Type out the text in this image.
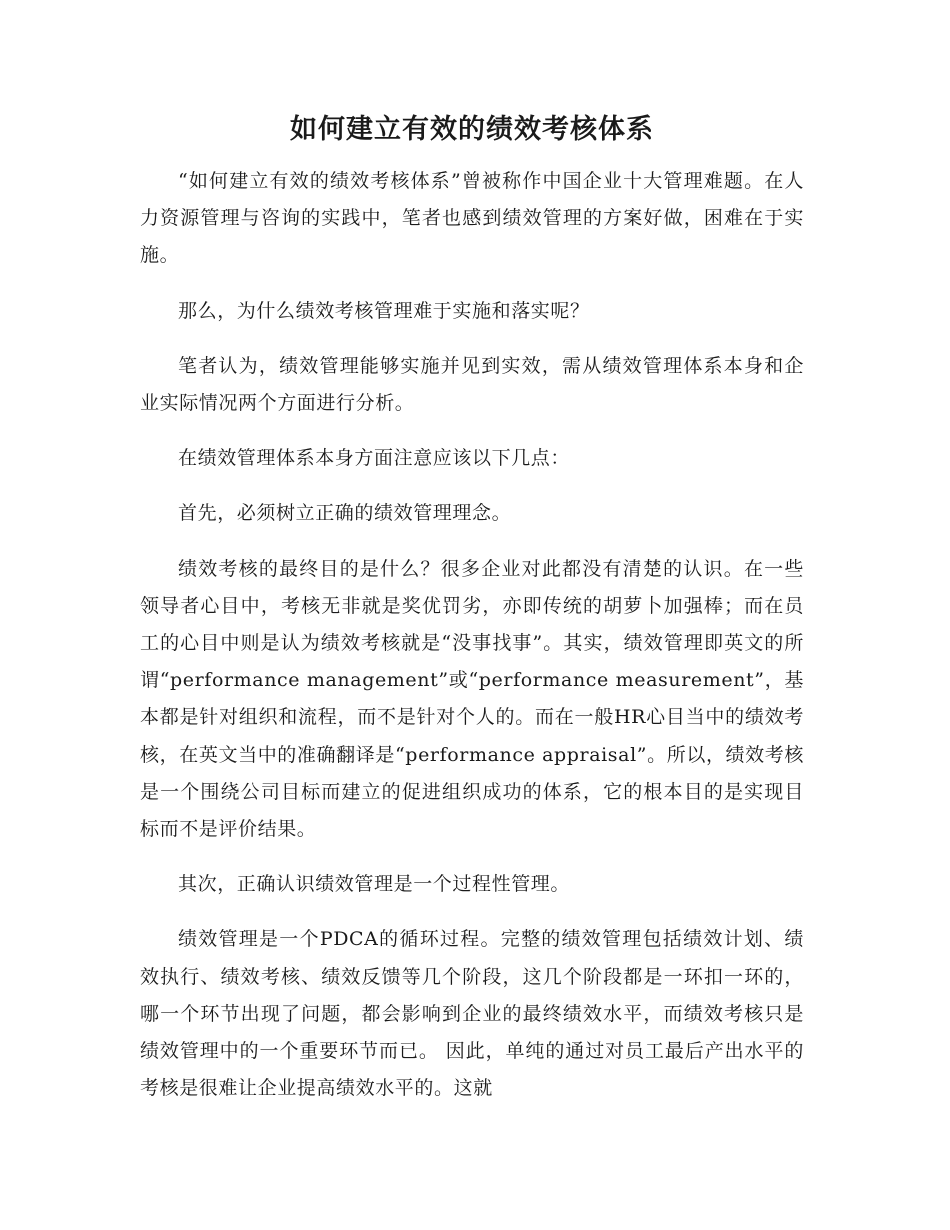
如何建立有效的绩效考核体系

“如何建立有效的绩效考核体系”曾被称作中国企业十大管理难题。在人力资源管理与咨询的实践中，笔者也感到绩效管理的方案好做，困难在于实施。

那么，为什么绩效考核管理难于实施和落实呢？

笔者认为，绩效管理能够实施并见到实效，需从绩效管理体系本身和企业实际情况两个方面进行分析。

在绩效管理体系本身方面注意应该以下几点：

首先，必须树立正确的绩效管理理念。

绩效考核的最终目的是什么？很多企业对此都没有清楚的认识。在一些领导者心目中，考核无非就是奖优罚劣，亦即传统的胡萝卜加强棒；而在员工的心目中则是认为绩效考核就是“没事找事”。其实，绩效管理即英文的所谓“performance management”或“performance measurement”，基本都是针对组织和流程，而不是针对个人的。而在一般HR心目当中的绩效考核，在英文当中的准确翻译是“performance appraisal”。所以，绩效考核是一个围绕公司目标而建立的促进组织成功的体系，它的根本目的是实现目标而不是评价结果。

其次，正确认识绩效管理是一个过程性管理。

绩效管理是一个PDCA的循环过程。完整的绩效管理包括绩效计划、绩效执行、绩效考核、绩效反馈等几个阶段，这几个阶段都是一环扣一环的，哪一个环节出现了问题，都会影响到企业的最终绩效水平，而绩效考核只是绩效管理中的一个重要环节而已。 因此，单纯的通过对员工最后产出水平的考核是很难让企业提高绩效水平的。这就
